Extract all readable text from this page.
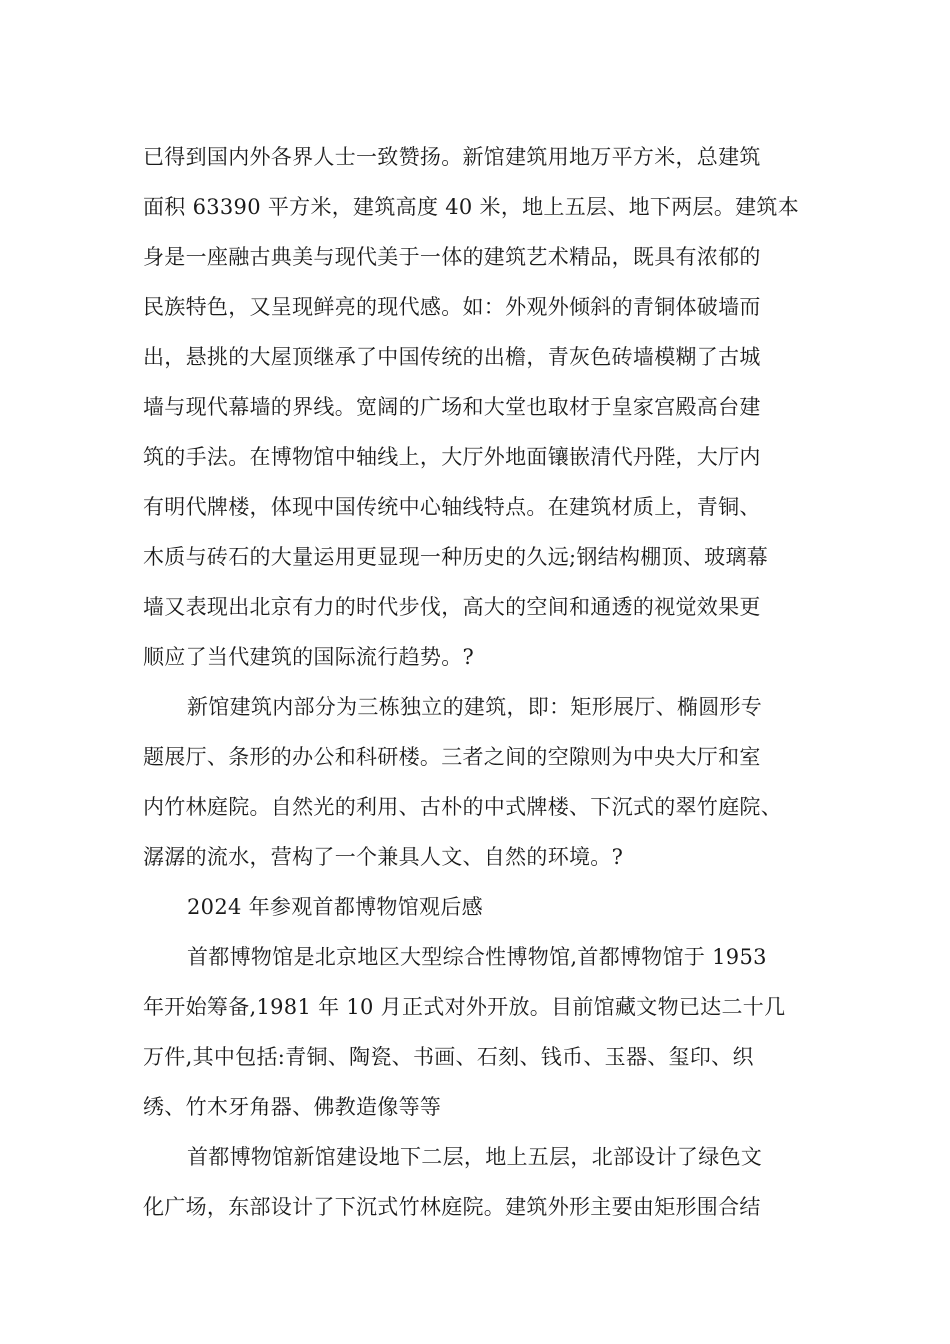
已得到国内外各界人士一致赞扬。新馆建筑用地万平方米，总建筑
面积 63390 平方米，建筑高度 40 米，地上五层、地下两层。建筑本
身是一座融古典美与现代美于一体的建筑艺术精品，既具有浓郁的
民族特色，又呈现鲜亮的现代感。如：外观外倾斜的青铜体破墙而
出，悬挑的大屋顶继承了中国传统的出檐，青灰色砖墙模糊了古城
墙与现代幕墙的界线。宽阔的广场和大堂也取材于皇家宫殿高台建
筑的手法。在博物馆中轴线上，大厅外地面镶嵌清代丹陛，大厅内
有明代牌楼，体现中国传统中心轴线特点。在建筑材质上，青铜、
木质与砖石的大量运用更显现一种历史的久远;钢结构棚顶、玻璃幕
墙又表现出北京有力的时代步伐，高大的空间和通透的视觉效果更
顺应了当代建筑的国际流行趋势。?
新馆建筑内部分为三栋独立的建筑，即：矩形展厅、椭圆形专
题展厅、条形的办公和科研楼。三者之间的空隙则为中央大厅和室
内竹林庭院。自然光的利用、古朴的中式牌楼、下沉式的翠竹庭院、
潺潺的流水，营构了一个兼具人文、自然的环境。?
2024 年参观首都博物馆观后感
首都博物馆是北京地区大型综合性博物馆,首都博物馆于 1953
年开始筹备,1981 年 10 月正式对外开放。目前馆藏文物已达二十几
万件,其中包括:青铜、陶瓷、书画、石刻、钱币、玉器、玺印、织
绣、竹木牙角器、佛教造像等等
首都博物馆新馆建设地下二层，地上五层，北部设计了绿色文
化广场，东部设计了下沉式竹林庭院。建筑外形主要由矩形围合结
